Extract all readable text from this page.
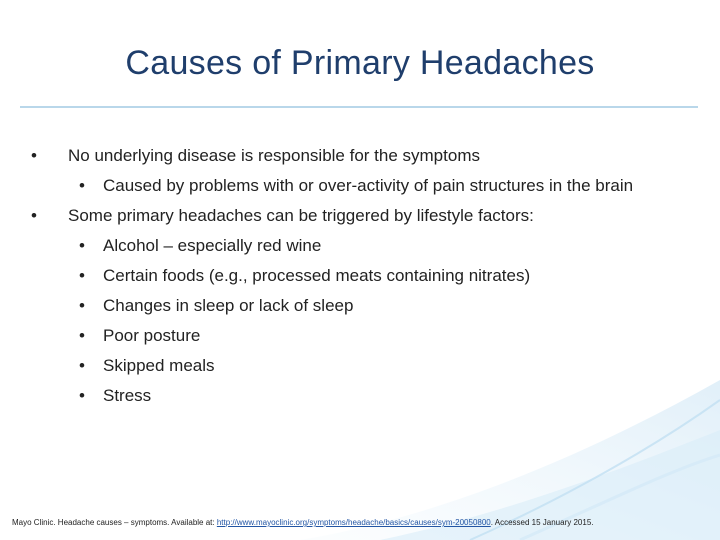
Causes of Primary Headaches
• No underlying disease is responsible for the symptoms
• Caused by problems with or over-activity of pain structures in the brain
• Some primary headaches can be triggered by lifestyle factors:
• Alcohol – especially red wine
• Certain foods (e.g., processed meats containing nitrates)
• Changes in sleep or lack of sleep
• Poor posture
• Skipped meals
• Stress
Mayo Clinic. Headache causes – symptoms. Available at: http://www.mayoclinic.org/symptoms/headache/basics/causes/sym-20050800. Accessed 15 January 2015.
